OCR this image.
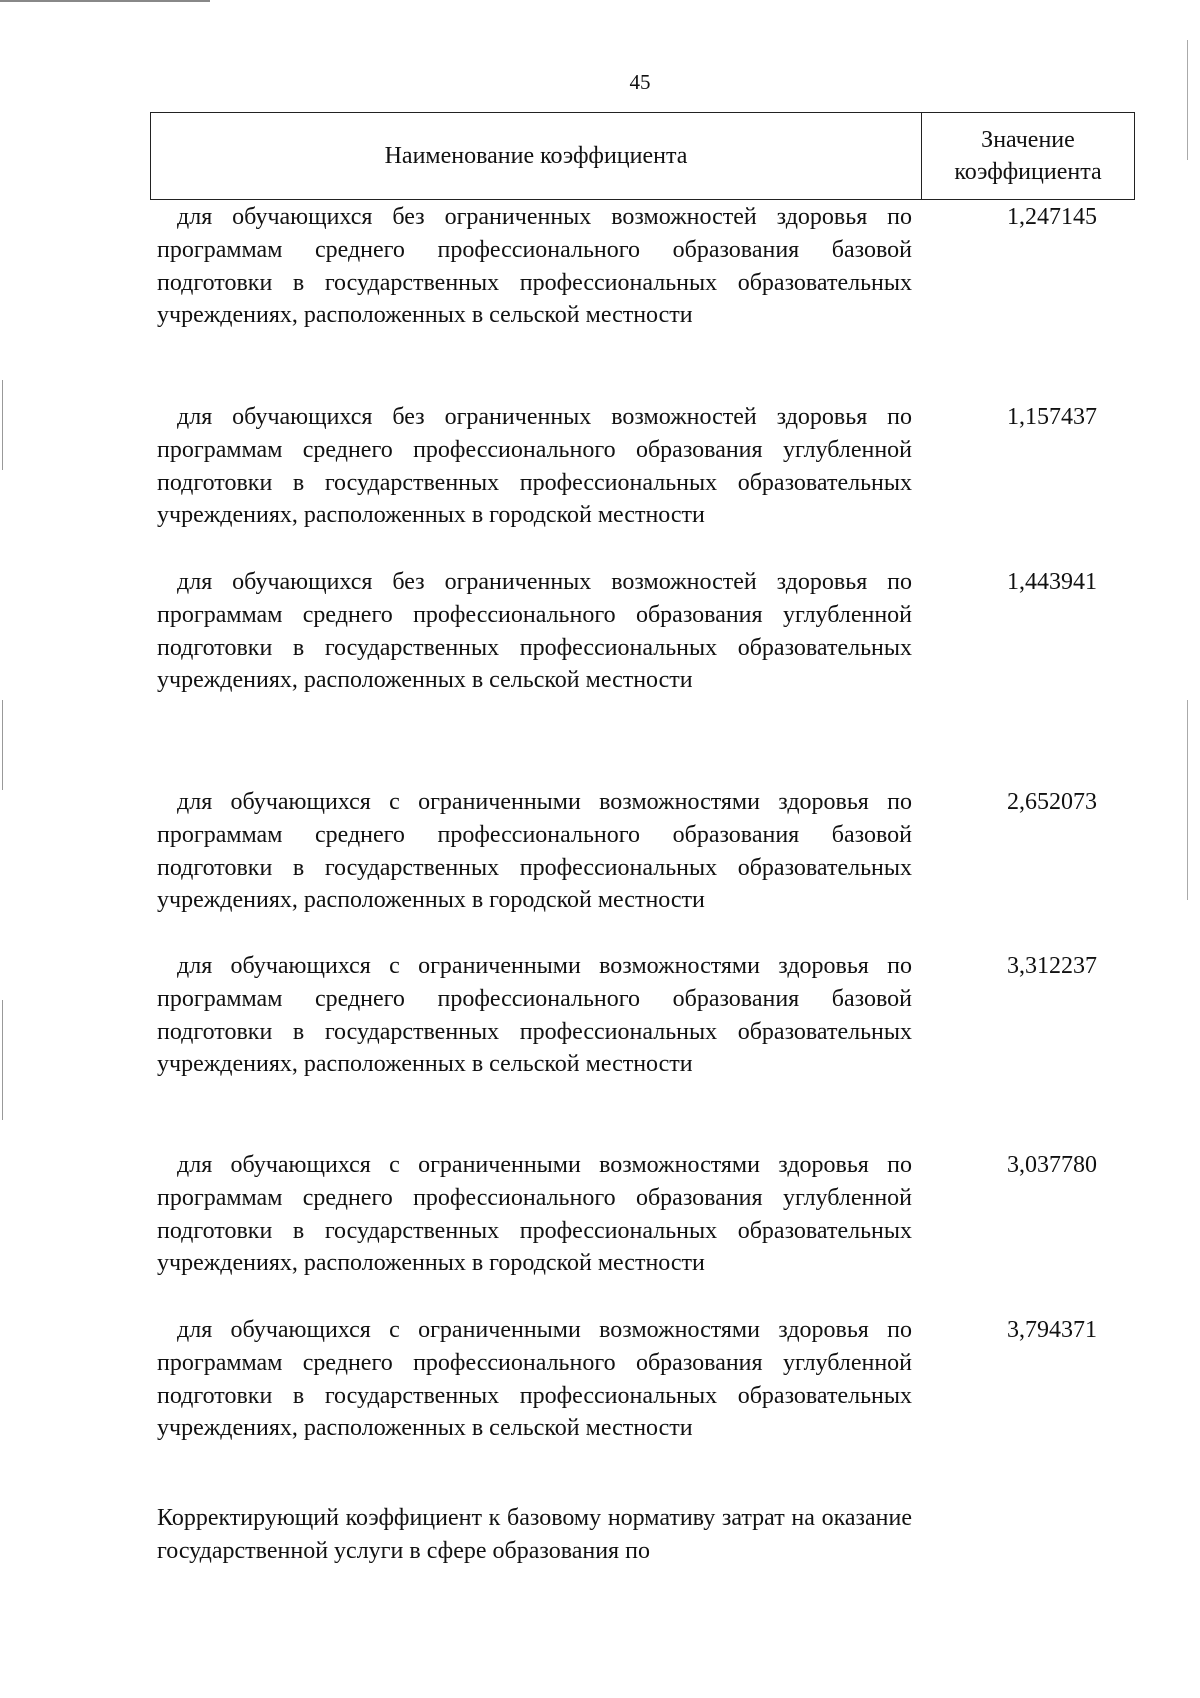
45
Наименование коэффициента
Значение
коэффициента
для обучающихся без ограниченных возможностей здоровья по программам среднего профессионального образования базовой подготовки в государственных профессиональных образовательных учреждениях, расположенных в сельской местности
1,247145
для обучающихся без ограниченных возможностей здоровья по программам среднего профессионального образования углубленной подготовки в государственных профессиональных образовательных учреждениях, расположенных в городской местности
1,157437
для обучающихся без ограниченных возможностей здоровья по программам среднего профессионального образования углубленной подготовки в государственных профессиональных образовательных учреждениях, расположенных в сельской местности
1,443941
для обучающихся с ограниченными возможностями здоровья по программам среднего профессионального образования базовой подготовки в государственных профессиональных образовательных учреждениях, расположенных в городской местности
2,652073
для обучающихся с ограниченными возможностями здоровья по программам среднего профессионального образования базовой подготовки в государственных профессиональных образовательных учреждениях, расположенных в сельской местности
3,312237
для обучающихся с ограниченными возможностями здоровья по программам среднего профессионального образования углубленной подготовки в государственных профессиональных образовательных учреждениях, расположенных в городской местности
3,037780
для обучающихся с ограниченными возможностями здоровья по программам среднего профессионального образования углубленной подготовки в государственных профессиональных образовательных учреждениях, расположенных в сельской местности
3,794371
Корректирующий коэффициент к базовому нормативу затрат на оказание государственной услуги в сфере образования по
